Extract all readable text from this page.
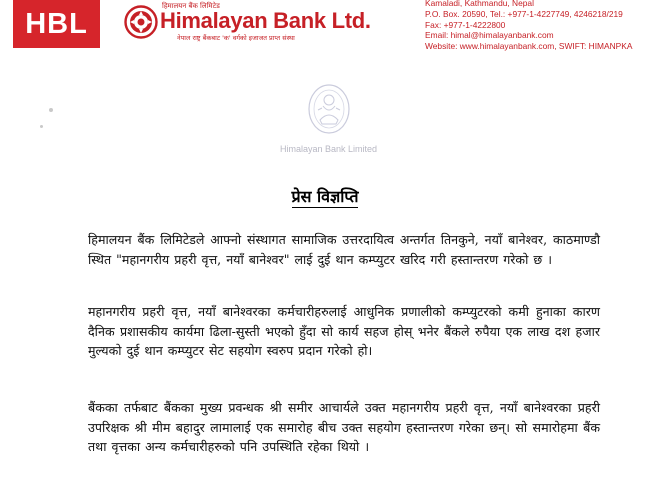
HBL
हिमालयन बैंक लिमिटेड
Himalayan Bank Ltd.
नेपाल राष्ट्र बैंकबाट 'क' वर्गको इजाजत प्राप्त संस्था
Kamaladi, Kathmandu, Nepal
P.O. Box. 20590, Tel.: +977-1-4227749, 4246218/219
Fax: +977-1-4222800
Email: himal@himalayanbank.com
Website: www.himalayanbank.com, SWIFT: HIMANPKA
Himalayan Bank Limited
प्रेस विज्ञप्ति
हिमालयन बैंक लिमिटेडले आफ्नो संस्थागत सामाजिक उत्तरदायित्व अन्तर्गत तिनकुने, नयाँ बानेश्वर, काठमाण्डौ स्थित "महानगरीय प्रहरी वृत्त, नयाँ बानेश्वर" लाई दुई थान कम्प्युटर खरिद गरी हस्तान्तरण गरेको छ ।
महानगरीय प्रहरी वृत्त, नयाँ बानेश्वरका कर्मचारीहरुलाई आधुनिक प्रणालीको कम्प्युटरको कमी हुनाका कारण दैनिक प्रशासकीय कार्यमा ढिला-सुस्ती भएको हुँदा सो कार्य सहज होस् भनेर बैंकले रुपैया एक लाख दश हजार मुल्यको दुई थान कम्प्युटर सेट सहयोग स्वरुप प्रदान गरेको हो।
बैंकका तर्फबाट बैंकका मुख्य प्रवन्धक श्री समीर आचार्यले उक्त महानगरीय प्रहरी वृत्त, नयाँ बानेश्वरका प्रहरी उपरिक्षक श्री मीम बहादुर लामालाई एक समारोह बीच उक्त सहयोग हस्तान्तरण गरेका छन्। सो समारोहमा बैंक तथा वृत्तका अन्य कर्मचारीहरुको पनि उपस्थिति रहेका थियो ।
